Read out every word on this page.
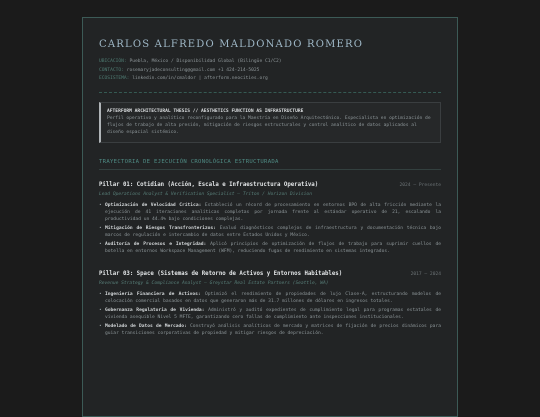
CARLOS ALFREDO MALDONADO ROMERO
UBICACIÓN: Puebla, México / Disponibilidad Global (Bilingüe C1/C2)
CONTACTO: rosemaryjadeconsulting@gmail.com +1 424-214-5025
ECOSISTEMA: linkedin.com/in/cmaldor | afterform.neocities.org
AFTERFORM ARCHITECTURAL THESIS // AESTHETICS FUNCTION AS INFRASTRUCTURE
Perfil operativo y analítico reconfigurado para la Maestría en Diseño Arquitectónico. Especialista en optimización de flujos de trabajo de alta presión, mitigación de riesgos estructurales y control analítico de datos aplicados al diseño espacial sistémico.
TRAYECTORIA DE EJECUCIÓN CRONOLÓGICA ESTRUCTURADA
Pillar 01: Cotidian (Acción, Escala e Infraestructura Operativa)	2024 – Presente
Lead Operations Analyst & Verification Specialist — Triton / Horizon Division
• Optimización de Velocidad Crítica: Estableció un récord de procesamiento en entornos BPO de alta fricción mediante la ejecución de 41 iteraciones analíticas completas por jornada frente al estándar operativo de 21, escalando la productividad un 44.4% bajo condiciones complejas.
• Mitigación de Riesgos Transfronterizos: Evaluó diagnósticos complejos de infraestructura y documentación técnica bajo marcos de regulación e intercambio de datos entre Estados Unidos y México.
• Auditoría de Procesos e Integridad: Aplicó principios de optimización de flujos de trabajo para suprimir cuellos de botella en entornos Workspace Management (WFM), reduciendo fugas de rendimiento en sistemas integrados.
Pillar 03: Space (Sistemas de Retorno de Activos y Entornos Habitables)	2017 – 2024
Revenue Strategy & Compliance Analyst — Greystar Real Estate Partners (Seattle, WA)
• Ingeniería Financiera de Activos: Optimizó el rendimiento de propiedades de lujo Clase-A, estructurando modelos de colocación comercial basados en datos que generaron más de 31.7 millones de dólares en ingresos totales.
• Gobernanza Regulatoria de Vivienda: Administró y auditó expedientes de cumplimiento legal para programas estatales de vivienda asequible Nivel 5 MFTE, garantizando cero fallas de cumplimiento ante inspecciones institucionales.
• Modelado de Datos de Mercado: Construyó análisis analíticos de mercado y matrices de fijación de precios dinámicos para guiar transiciones corporativas de propiedad y mitigar riesgos de depreciación.
